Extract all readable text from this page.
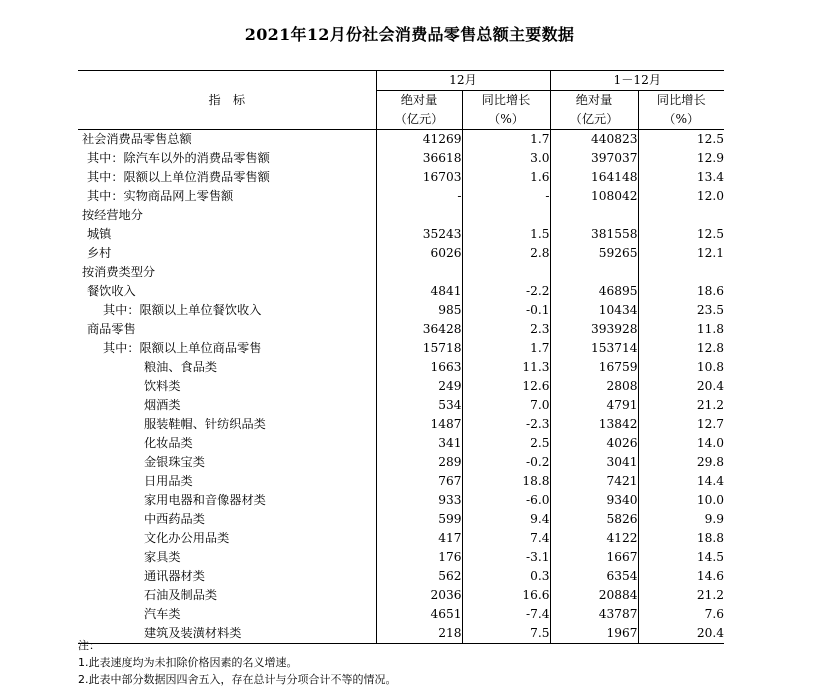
2021年12月份社会消费品零售总额主要数据
指　标	12月		1－12月	
	绝对量	同比增长	绝对量	同比增长
	（亿元）	（%）	（亿元）	（%）
社会消费品零售总额	41269	1.7	440823	12.5
其中：除汽车以外的消费品零售额	36618	3.0	397037	12.9
其中：限额以上单位消费品零售额	16703	1.6	164148	13.4
其中：实物商品网上零售额	-	-	108042	12.0
按经营地分				
城镇	35243	1.5	381558	12.5
乡村	6026	2.8	59265	12.1
按消费类型分				
餐饮收入	4841	-2.2	46895	18.6
其中：限额以上单位餐饮收入	985	-0.1	10434	23.5
商品零售	36428	2.3	393928	11.8
其中：限额以上单位商品零售	15718	1.7	153714	12.8
粮油、食品类	1663	11.3	16759	10.8
饮料类	249	12.6	2808	20.4
烟酒类	534	7.0	4791	21.2
服装鞋帽、针纺织品类	1487	-2.3	13842	12.7
化妆品类	341	2.5	4026	14.0
金银珠宝类	289	-0.2	3041	29.8
日用品类	767	18.8	7421	14.4
家用电器和音像器材类	933	-6.0	9340	10.0
中西药品类	599	9.4	5826	9.9
文化办公用品类	417	7.4	4122	18.8
家具类	176	-3.1	1667	14.5
通讯器材类	562	0.3	6354	14.6
石油及制品类	2036	16.6	20884	21.2
汽车类	4651	-7.4	43787	7.6
建筑及装潢材料类	218	7.5	1967	20.4
注：
1.此表速度均为未扣除价格因素的名义增速。
2.此表中部分数据因四舍五入，存在总计与分项合计不等的情况。
